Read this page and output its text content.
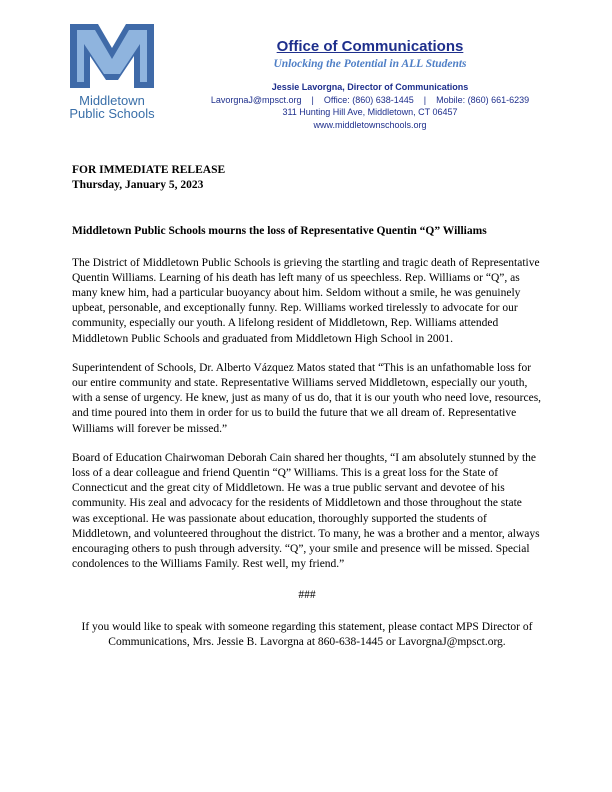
Middletown
Public Schools
Office of Communications
Unlocking the Potential in ALL Students
Jessie Lavorgna, Director of Communications
LavorgnaJ@mpsct.org | Office: (860) 638-1445 | Mobile: (860) 661-6239
311 Hunting Hill Ave, Middletown, CT 06457
www.middletownschools.org

FOR IMMEDIATE RELEASE

Thursday, January 5, 2023

Middletown Public Schools mourns the loss of Representative Quentin “Q” Williams

The District of Middletown Public Schools is grieving the startling and tragic death of Representative Quentin Williams. Learning of his death has left many of us speechless. Rep. Williams or “Q”, as many knew him, had a particular buoyancy about him. Seldom without a smile, he was genuinely upbeat, personable, and exceptionally funny. Rep. Williams worked tirelessly to advocate for our community, especially our youth. A lifelong resident of Middletown, Rep. Williams attended Middletown Public Schools and graduated from Middletown High School in 2001.

Superintendent of Schools, Dr. Alberto Vázquez Matos stated that “This is an unfathomable loss for our entire community and state. Representative Williams served Middletown, especially our youth, with a sense of urgency. He knew, just as many of us do, that it is our youth who need love, resources, and time poured into them in order for us to build the future that we all dream of. Representative Williams will forever be missed.”

Board of Education Chairwoman Deborah Cain shared her thoughts, “I am absolutely stunned by the loss of a dear colleague and friend Quentin “Q” Williams. This is a great loss for the State of Connecticut and the great city of Middletown. He was a true public servant and devotee of his community. His zeal and advocacy for the residents of Middletown and those throughout the state was exceptional. He was passionate about education, thoroughly supported the students of Middletown, and volunteered throughout the district. To many, he was a brother and a mentor, always encouraging others to push through adversity. “Q”, your smile and presence will be missed. Special condolences to the Williams Family. Rest well, my friend.”

###

If you would like to speak with someone regarding this statement, please contact MPS Director of Communications, Mrs. Jessie B. Lavorgna at 860-638-1445 or LavorgnaJ@mpsct.org.
